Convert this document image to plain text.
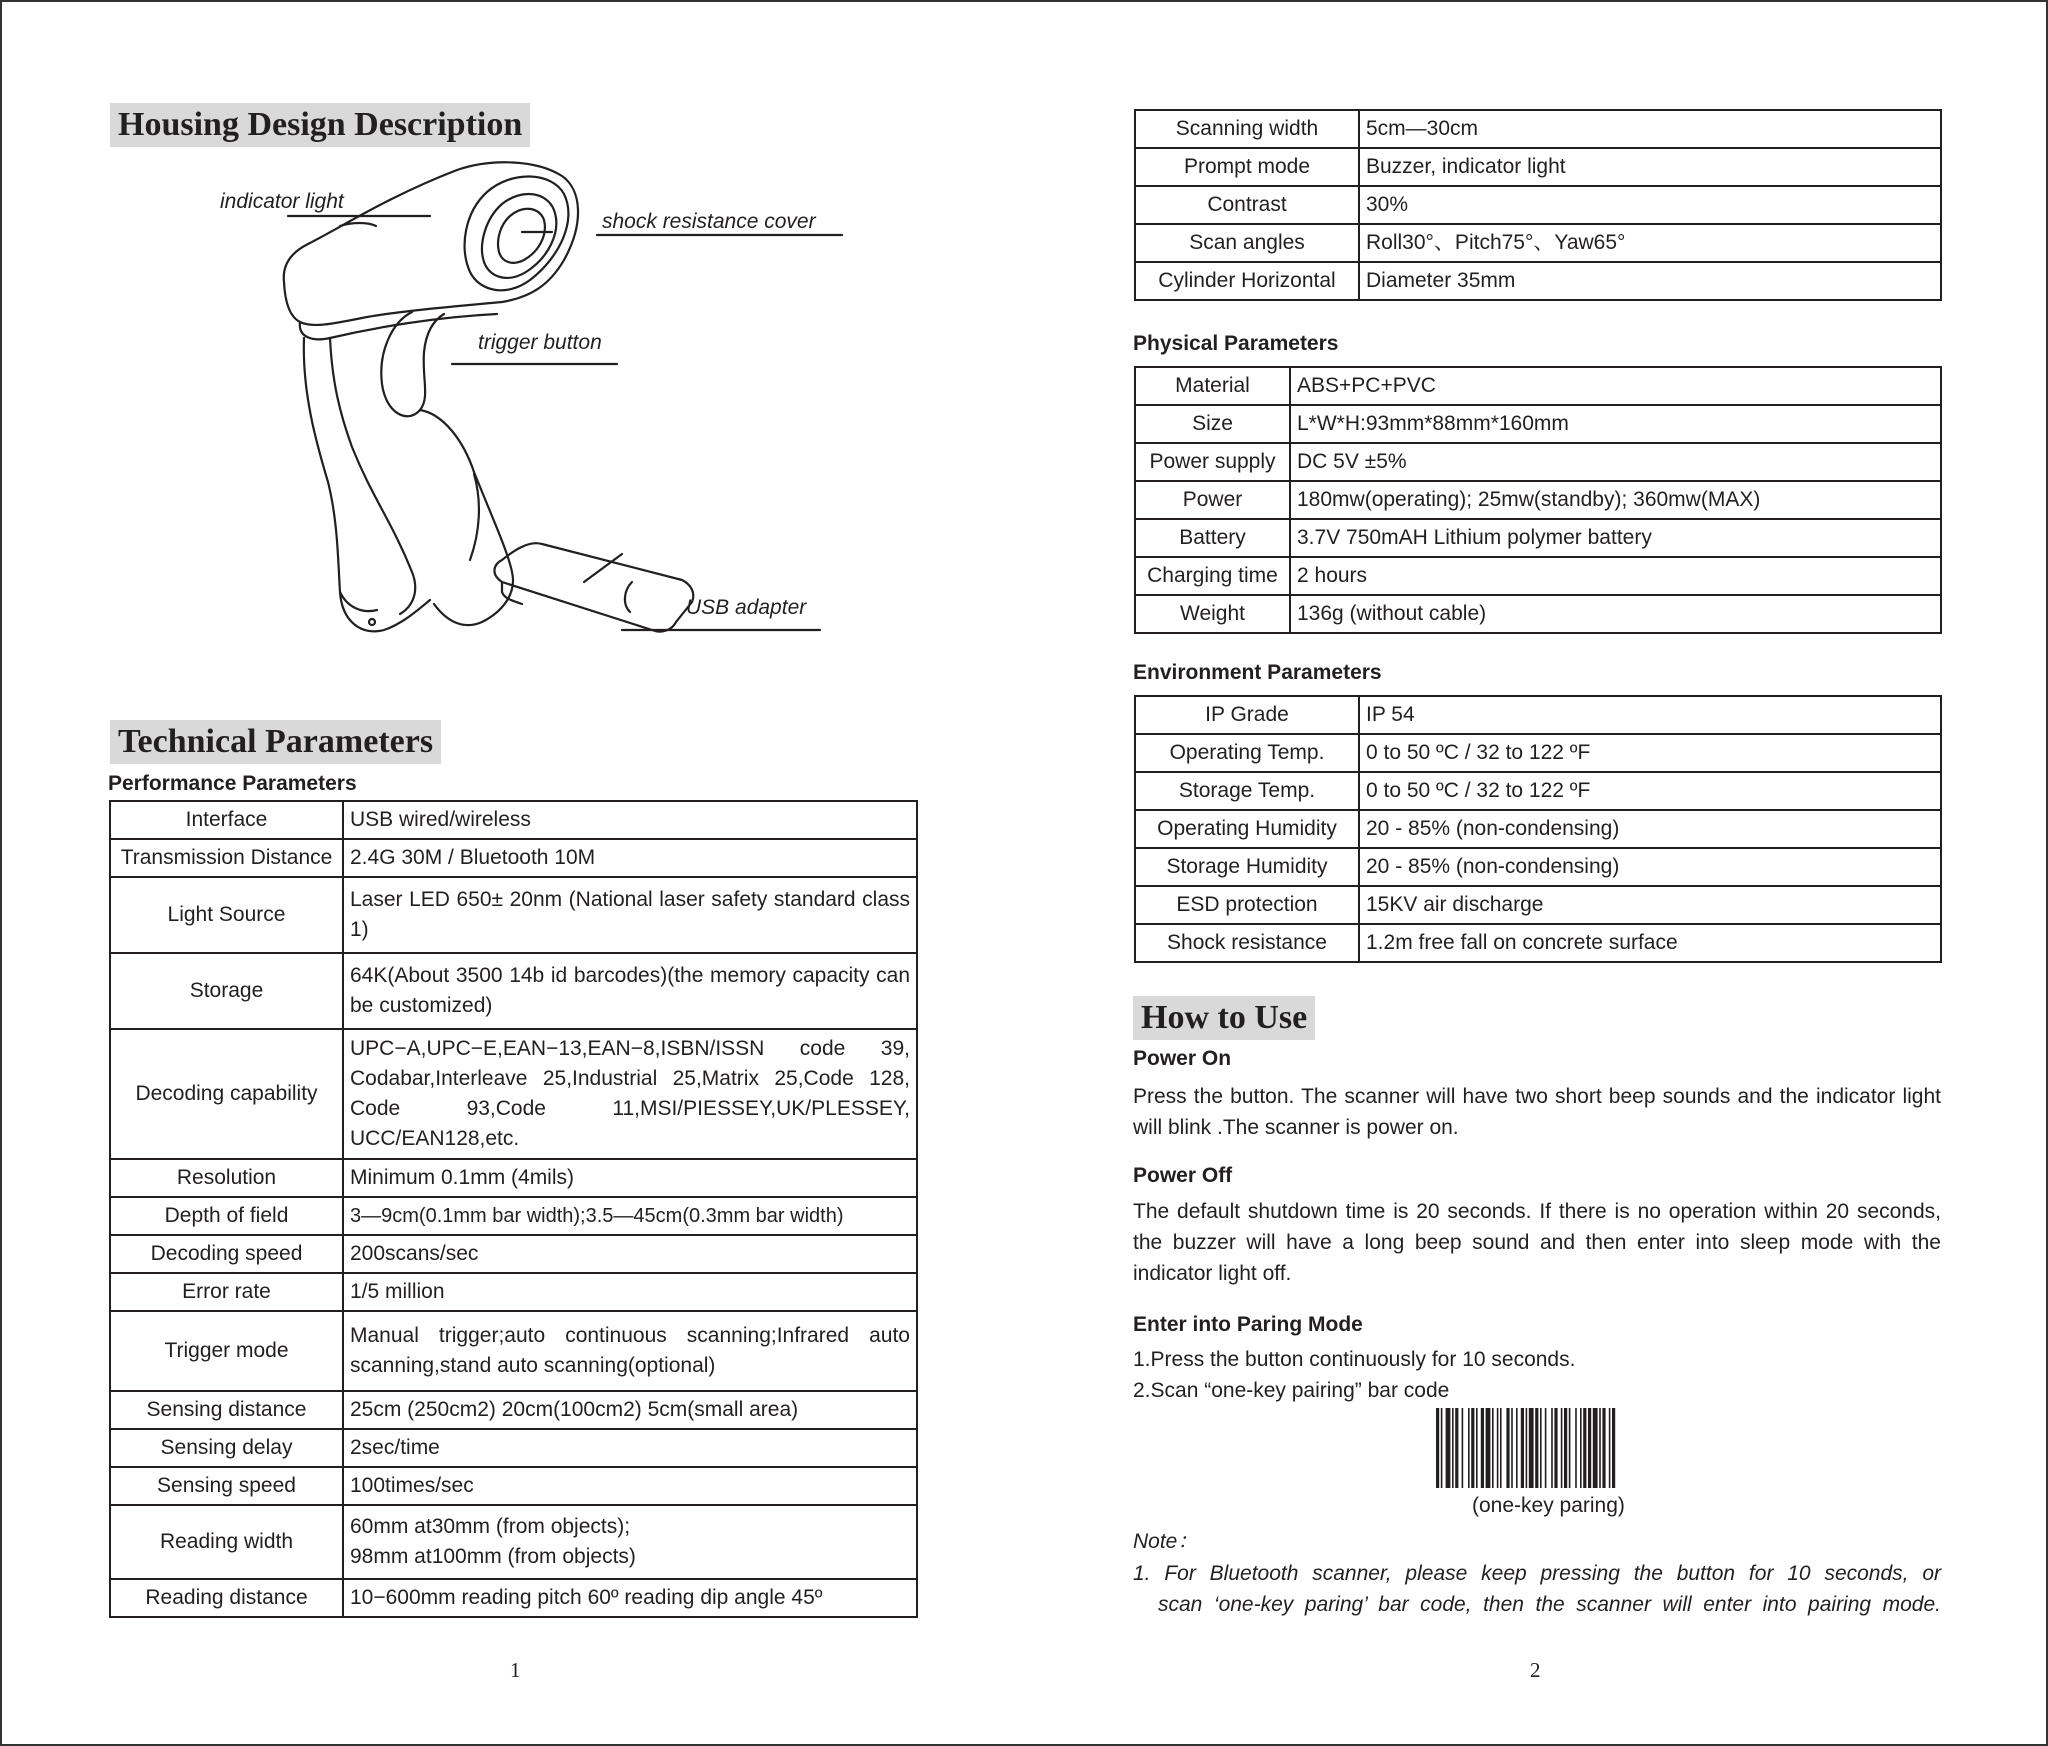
Housing Design Description
indicator light
shock resistance cover
trigger button
USB adapter
Technical Parameters
Performance Parameters
Interface	USB wired/wireless
Transmission Distance	2.4G 30M / Bluetooth 10M
Light Source	Laser LED 650± 20nm (National laser safety standard class 1)
Storage	64K(About 3500 14b id barcodes)(the memory capacity can be customized)
Decoding capability	UPC−A,UPC−E,EAN−13,EAN−8,ISBN/ISSN code 39, Codabar,Interleave 25,Industrial 25,Matrix 25,Code 128, Code 93,Code 11,MSI/PIESSEY,UK/PLESSEY, UCC/EAN128,etc.
Resolution	Minimum 0.1mm (4mils)
Depth of field	3—9cm(0.1mm bar width);3.5—45cm(0.3mm bar width)
Decoding speed	200scans/sec
Error rate	1/5 million
Trigger mode	Manual trigger;auto continuous scanning;Infrared auto scanning,stand auto scanning(optional)
Sensing distance	25cm (250cm2) 20cm(100cm2) 5cm(small area)
Sensing delay	2sec/time
Sensing speed	100times/sec
Reading width	60mm at30mm (from objects);
98mm at100mm (from objects)

Reading distance	10−600mm reading pitch 60º reading dip angle 45º
1
Scanning width	5cm—30cm
Prompt mode	Buzzer, indicator light
Contrast	30%
Scan angles	Roll30°、Pitch75°、Yaw65°
Cylinder Horizontal	Diameter 35mm
Physical Parameters
Material	ABS+PC+PVC
Size	L*W*H:93mm*88mm*160mm
Power supply	DC 5V ±5%
Power	180mw(operating); 25mw(standby); 360mw(MAX)
Battery	3.7V 750mAH Lithium polymer battery
Charging time	2 hours
Weight	136g (without cable)
Environment Parameters
IP Grade	IP 54
Operating Temp.	0 to 50 ºC / 32 to 122 ºF
Storage Temp.	0 to 50 ºC / 32 to 122 ºF
Operating Humidity	20 - 85% (non-condensing)
Storage Humidity	20 - 85% (non-condensing)
ESD protection	15KV air discharge
Shock resistance	1.2m free fall on concrete surface
How to Use
Power On
Press the button. The scanner will have two short beep sounds and the indicator light will blink .The scanner is power on.
Power Off
The default shutdown time is 20 seconds. If there is no operation within 20 seconds, the buzzer will have a long beep sound and then enter into sleep mode with the indicator light off.
Enter into Paring Mode
1.Press the button continuously for 10 seconds.
2.Scan “one-key pairing” bar code
(one-key paring)
Note：
1. For Bluetooth scanner, please keep pressing the button for 10 seconds, or
scan ‘one-key paring’ bar code, then the scanner will enter into pairing mode.
2
